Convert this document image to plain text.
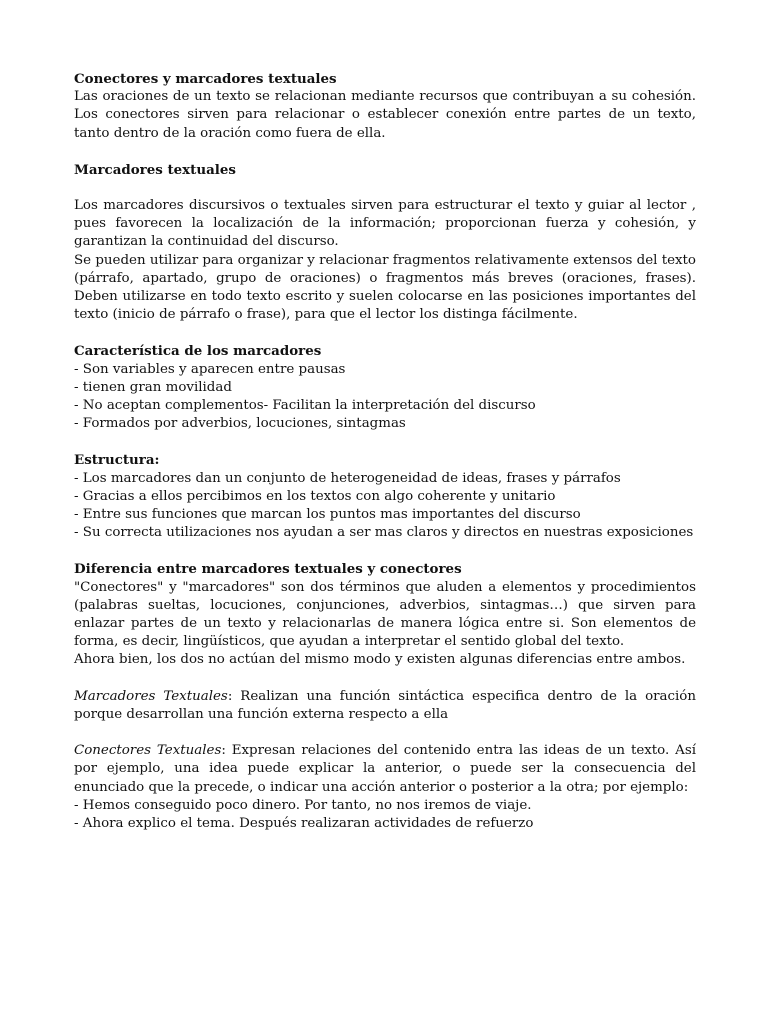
Conectores y marcadores textuales

Las oraciones de un texto se relacionan mediante recursos que contribuyan a su cohesión. Los conectores sirven para relacionar o establecer conexión entre partes de un texto, tanto dentro de la oración como fuera de ella.

Marcadores textuales

Los marcadores discursivos o textuales sirven para estructurar el texto y guiar al lector , pues favorecen la localización de la información; proporcionan fuerza y cohesión, y garantizan la continuidad del discurso.

Se pueden utilizar para organizar y relacionar fragmentos relativamente extensos del texto (párrafo, apartado, grupo de oraciones) o fragmentos más breves (oraciones, frases). Deben utilizarse en todo texto escrito y suelen colocarse en las posiciones importantes del texto (inicio de párrafo o frase), para que el lector los distinga fácilmente.

Característica de los marcadores

- Son variables y aparecen entre pausas

- tienen gran movilidad

- No aceptan complementos- Facilitan la interpretación del discurso

- Formados por adverbios, locuciones, sintagmas

Estructura:

- Los marcadores dan un conjunto de heterogeneidad de ideas, frases y párrafos

- Gracias a ellos percibimos en los textos con algo coherente y unitario

- Entre sus funciones que marcan los puntos mas importantes del discurso

- Su correcta utilizaciones nos ayudan a ser mas claros y directos en nuestras exposiciones

Diferencia entre marcadores textuales y conectores

"Conectores" y "marcadores" son dos términos que aluden a elementos y procedimientos (palabras sueltas, locuciones, conjunciones, adverbios, sintagmas…) que sirven para enlazar partes de un texto y relacionarlas de manera lógica entre si. Son elementos de forma, es decir, lingüísticos, que ayudan a interpretar el sentido global del texto.

Ahora bien, los dos no actúan del mismo modo y existen algunas diferencias entre ambos.

Marcadores Textuales: Realizan una función sintáctica especifica dentro de la oración porque desarrollan una función externa respecto a ella

Conectores Textuales: Expresan relaciones del contenido entra las ideas de un texto. Así por ejemplo, una idea puede explicar la anterior, o puede ser la consecuencia del enunciado que la precede, o indicar una acción anterior o posterior a la otra; por ejemplo:

- Hemos conseguido poco dinero. Por tanto, no nos iremos de viaje.

- Ahora explico el tema. Después realizaran actividades de refuerzo
